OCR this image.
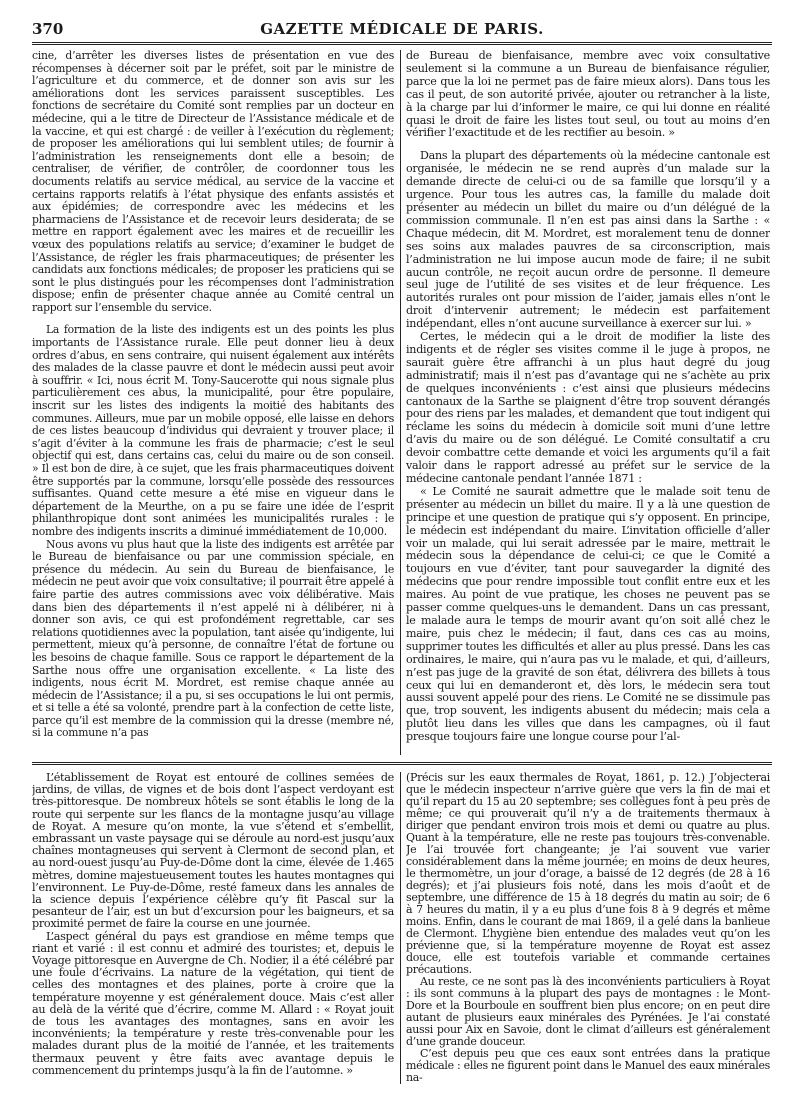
370	GAZETTE MÉDICALE DE PARIS.

cine, d’arrêter les diverses listes de présentation en vue des récompenses à décerner soit par le préfet, soit par le ministre de l’agriculture et du commerce, et de donner son avis sur les améliorations dont les services paraissent susceptibles. Les fonctions de secrétaire du Comité sont remplies par un docteur en médecine, qui a le titre de Directeur de l’Assistance médicale et de la vaccine, et qui est chargé : de veiller à l’exécution du règlement; de proposer les améliorations qui lui semblent utiles; de fournir à l’administration les renseignements dont elle a besoin; de centraliser, de vérifier, de contrôler, de coordonner tous les documents relatifs au service médical, au service de la vaccine et certains rapports relatifs à l’état physique des enfants assistés et aux épidémies; de correspondre avec les médecins et les pharmaciens de l’Assistance et de recevoir leurs desiderata; de se mettre en rapport également avec les maires et de recueillir les vœux des populations relatifs au service; d’examiner le budget de l’Assistance, de régler les frais pharmaceutiques; de présenter les candidats aux fonctions médicales; de proposer les praticiens qui se sont le plus distingués pour les récompenses dont l’administration dispose; enfin de présenter chaque année au Comité central un rapport sur l’ensemble du service.

La formation de la liste des indigents est un des points les plus importants de l’Assistance rurale. Elle peut donner lieu à deux ordres d’abus, en sens contraire, qui nuisent également aux intérêts des malades de la classe pauvre et dont le médecin aussi peut avoir à souffrir. « Ici, nous écrit M. Tony-Saucerotte qui nous signale plus particulièrement ces abus, la municipalité, pour être populaire, inscrit sur les listes des indigents la moitié des habitants des communes. Ailleurs, mue par un mobile opposé, elle laisse en dehors de ces listes beaucoup d’individus qui devraient y trouver place; il s’agit d’éviter à la commune les frais de pharmacie; c’est le seul objectif qui est, dans certains cas, celui du maire ou de son conseil. » Il est bon de dire, à ce sujet, que les frais pharmaceutiques doivent être supportés par la commune, lorsqu’elle possède des ressources suffisantes. Quand cette mesure a été mise en vigueur dans le département de la Meurthe, on a pu se faire une idée de l’esprit philanthropique dont sont animées les municipalités rurales : le nombre des indigents inscrits a diminué immédiatement de 10,000.

Nous avons vu plus haut que la liste des indigents est arrêtée par le Bureau de bienfaisance ou par une commission spéciale, en présence du médecin. Au sein du Bureau de bienfaisance, le médecin ne peut avoir que voix consultative; il pourrait être appelé à faire partie des autres commissions avec voix délibérative. Mais dans bien des départements il n’est appelé ni à délibérer, ni à donner son avis, ce qui est profondément regrettable, car ses relations quotidiennes avec la population, tant aisée qu’indigente, lui permettent, mieux qu’à personne, de connaître l’état de fortune ou les besoins de chaque famille. Sous ce rapport le département de la Sarthe nous offre une organisation excellente. « La liste des indigents, nous écrit M. Mordret, est remise chaque année au médecin de l’Assistance; il a pu, si ses occupations le lui ont permis, et si telle a été sa volonté, prendre part à la confection de cette liste, parce qu’il est membre de la commission qui la dresse (membre né, si la commune n’a pas

de Bureau de bienfaisance, membre avec voix consultative seulement si la commune a un Bureau de bienfaisance régulier, parce que la loi ne permet pas de faire mieux alors). Dans tous les cas il peut, de son autorité privée, ajouter ou retrancher à la liste, à la charge par lui d’informer le maire, ce qui lui donne en réalité quasi le droit de faire les listes tout seul, ou tout au moins d’en vérifier l’exactitude et de les rectifier au besoin. »

Dans la plupart des départements où la médecine cantonale est organisée, le médecin ne se rend auprès d’un malade sur la demande directe de celui-ci ou de sa famille que lorsqu’il y a urgence. Pour tous les autres cas, la famille du malade doit présenter au médecin un billet du maire ou d’un délégué de la commission communale. Il n’en est pas ainsi dans la Sarthe : « Chaque médecin, dit M. Mordret, est moralement tenu de donner ses soins aux malades pauvres de sa circonscription, mais l’administration ne lui impose aucun mode de faire; il ne subit aucun contrôle, ne reçoit aucun ordre de personne. Il demeure seul juge de l’utilité de ses visites et de leur fréquence. Les autorités rurales ont pour mission de l’aider, jamais elles n’ont le droit d’intervenir autrement; le médecin est parfaitement indépendant, elles n’ont aucune surveillance à exercer sur lui. »

Certes, le médecin qui a le droit de modifier la liste des indigents et de régler ses visites comme il le juge à propos, ne saurait guère être affranchi à un plus haut degré du joug administratif; mais il n’est pas d’avantage qui ne s’achète au prix de quelques inconvénients : c’est ainsi que plusieurs médecins cantonaux de la Sarthe se plaignent d’être trop souvent dérangés pour des riens par les malades, et demandent que tout indigent qui réclame les soins du médecin à domicile soit muni d’une lettre d’avis du maire ou de son délégué. Le Comité consultatif a cru devoir combattre cette demande et voici les arguments qu’il a fait valoir dans le rapport adressé au préfet sur le service de la médecine cantonale pendant l’année 1871 :

« Le Comité ne saurait admettre que le malade soit tenu de présenter au médecin un billet du maire. Il y a là une question de principe et une question de pratique qui s’y opposent. En principe, le médecin est indépendant du maire. L’invitation officielle d’aller voir un malade, qui lui serait adressée par le maire, mettrait le médecin sous la dépendance de celui-ci; ce que le Comité a toujours en vue d’éviter, tant pour sauvegarder la dignité des médecins que pour rendre impossible tout conflit entre eux et les maires. Au point de vue pratique, les choses ne peuvent pas se passer comme quelques-uns le demandent. Dans un cas pressant, le malade aura le temps de mourir avant qu’on soit allé chez le maire, puis chez le médecin; il faut, dans ces cas au moins, supprimer toutes les difficultés et aller au plus pressé. Dans les cas ordinaires, le maire, qui n’aura pas vu le malade, et qui, d’ailleurs, n’est pas juge de la gravité de son état, délivrera des billets à tous ceux qui lui en demanderont et, dès lors, le médecin sera tout aussi souvent appelé pour des riens. Le Comité ne se dissimule pas que, trop souvent, les indigents abusent du médecin; mais cela a plutôt lieu dans les villes que dans les campagnes, où il faut presque toujours faire une longue course pour l’al-

L’établissement de Royat est entouré de collines semées de jardins, de villas, de vignes et de bois dont l’aspect verdoyant est très-pittoresque. De nombreux hôtels se sont établis le long de la route qui serpente sur les flancs de la montagne jusqu’au village de Royat. A mesure qu’on monte, la vue s’étend et s’embellit, embrassant un vaste paysage qui se déroule au nord-est jusqu’aux chaînes montagneuses qui servent à Clermont de second plan, et au nord-ouest jusqu’au Puy-de-Dôme dont la cime, élevée de 1.465 mètres, domine majestueusement toutes les hautes montagnes qui l’environnent. Le Puy-de-Dôme, resté fameux dans les annales de la science depuis l’expérience célèbre qu’y fit Pascal sur la pesanteur de l’air, est un but d’excursion pour les baigneurs, et sa proximité permet de faire la course en une journée.

L’aspect général du pays est grandiose en même temps que riant et varié : il est connu et admiré des touristes; et, depuis le Voyage pittoresque en Auvergne de Ch. Nodier, il a été célébré par une foule d’écrivains. La nature de la végétation, qui tient de celles des montagnes et des plaines, porte à croire que la température moyenne y est généralement douce. Mais c’est aller au delà de la vérité que d’écrire, comme M. Allard : « Royat jouit de tous les avantages des montagnes, sans en avoir les inconvénients; la température y reste très-convenable pour les malades durant plus de la moitié de l’année, et les traitements thermaux peuvent y être faits avec avantage depuis le commencement du printemps jusqu’à la fin de l’automne. »

(Précis sur les eaux thermales de Royat, 1861, p. 12.) J’objecterai que le médecin inspecteur n’arrive guère que vers la fin de mai et qu’il repart du 15 au 20 septembre; ses collègues font à peu près de même; ce qui prouverait qu’il n’y a de traitements thermaux à diriger que pendant environ trois mois et demi ou quatre au plus. Quant à la température, elle ne reste pas toujours très-convenable. Je l’ai trouvée fort changeante; je l’ai souvent vue varier considérablement dans la même journée; en moins de deux heures, le thermomètre, un jour d’orage, a baissé de 12 degrés (de 28 à 16 degrés); et j’ai plusieurs fois noté, dans les mois d’août et de septembre, une différence de 15 à 18 degrés du matin au soir; de 6 à 7 heures du matin, il y a eu plus d’une fois 8 à 9 degrés et même moins. Enfin, dans le courant de mai 1869, il a gelé dans la banlieue de Clermont. L’hygiène bien entendue des malades veut qu’on les prévienne que, si la température moyenne de Royat est assez douce, elle est toutefois variable et commande certaines précautions.

Au reste, ce ne sont pas là des inconvénients particuliers à Royat : ils sont communs à la plupart des pays de montagnes : le Mont-Dore et la Bourboule en souffrent bien plus encore; on en peut dire autant de plusieurs eaux minérales des Pyrénées. Je l’ai constaté aussi pour Aix en Savoie, dont le climat d’ailleurs est généralement d’une grande douceur.

C’est depuis peu que ces eaux sont entrées dans la pratique médicale : elles ne figurent point dans le Manuel des eaux minérales na-
